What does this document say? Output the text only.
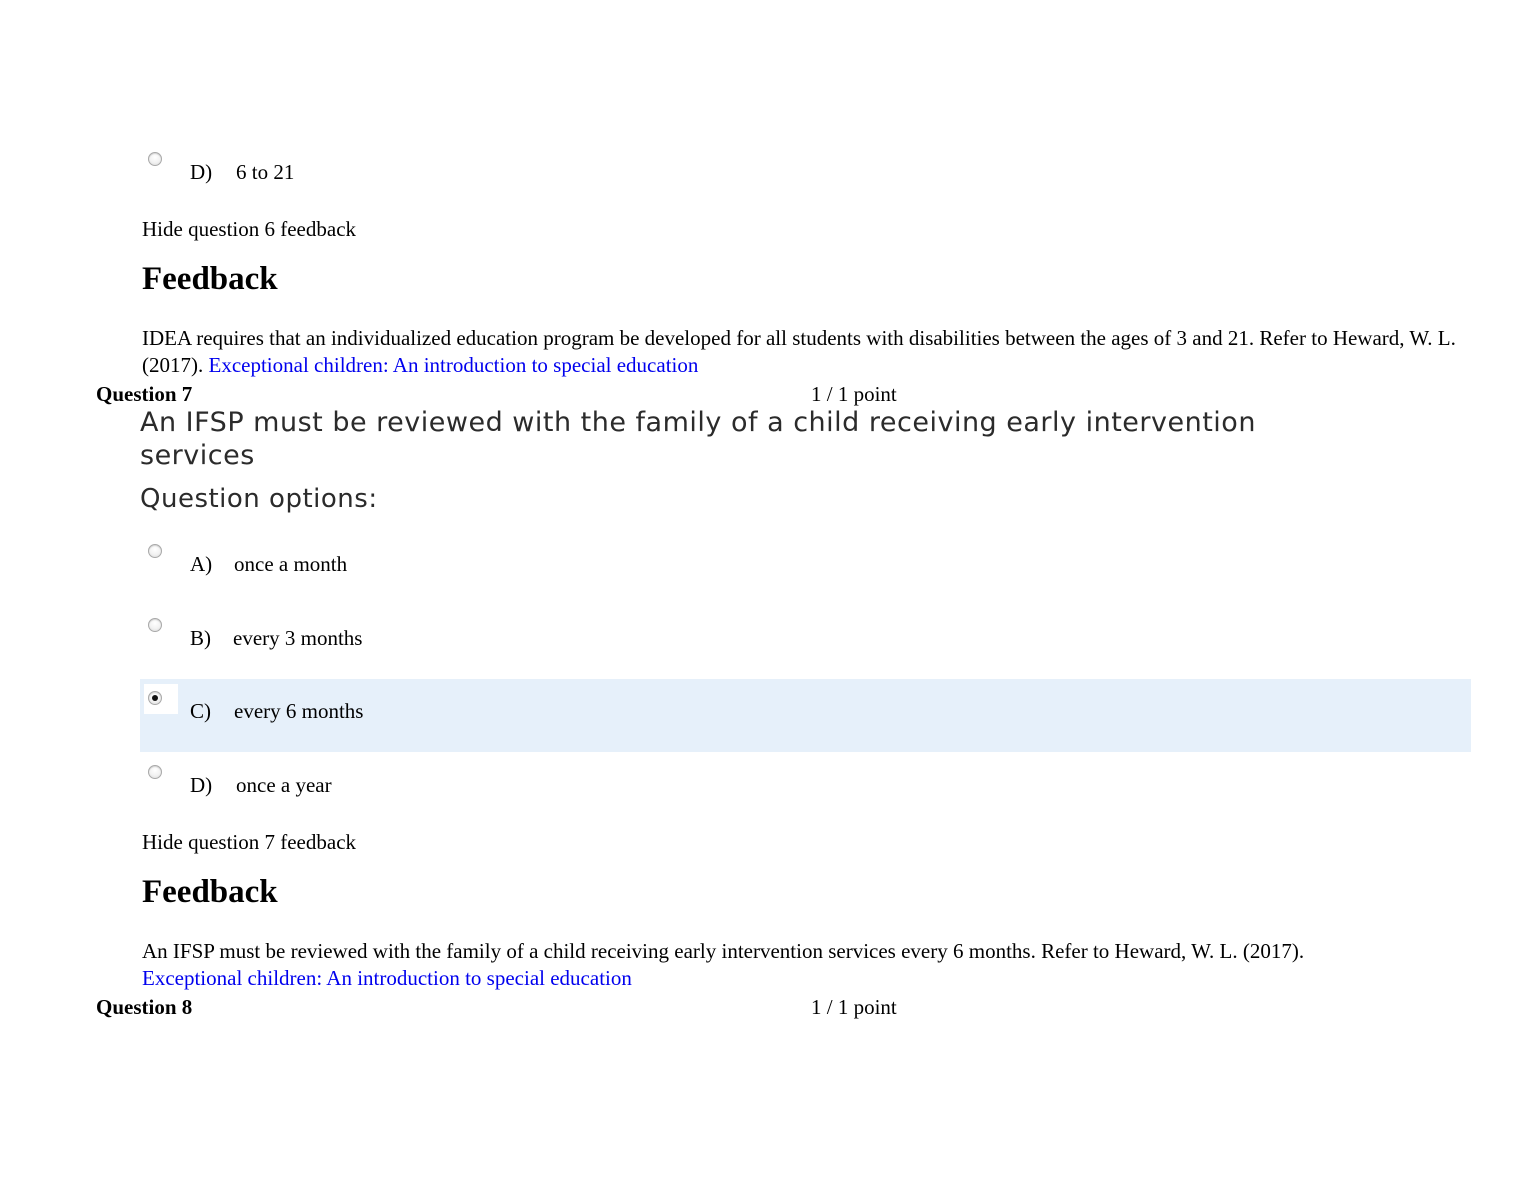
D) 6 to 21
Hide question 6 feedback
Feedback
IDEA requires that an individualized education program be developed for all students with disabilities between the ages of 3 and 21. Refer to Heward, W. L. (2017). Exceptional children: An introduction to special education
Question 7	1 / 1 point
An IFSP must be reviewed with the family of a child receiving early intervention services
Question options:
A) once a month
B) every 3 months
C) every 6 months
D) once a year
Hide question 7 feedback
Feedback
An IFSP must be reviewed with the family of a child receiving early intervention services every 6 months. Refer to Heward, W. L. (2017). Exceptional children: An introduction to special education
Question 8	1 / 1 point
